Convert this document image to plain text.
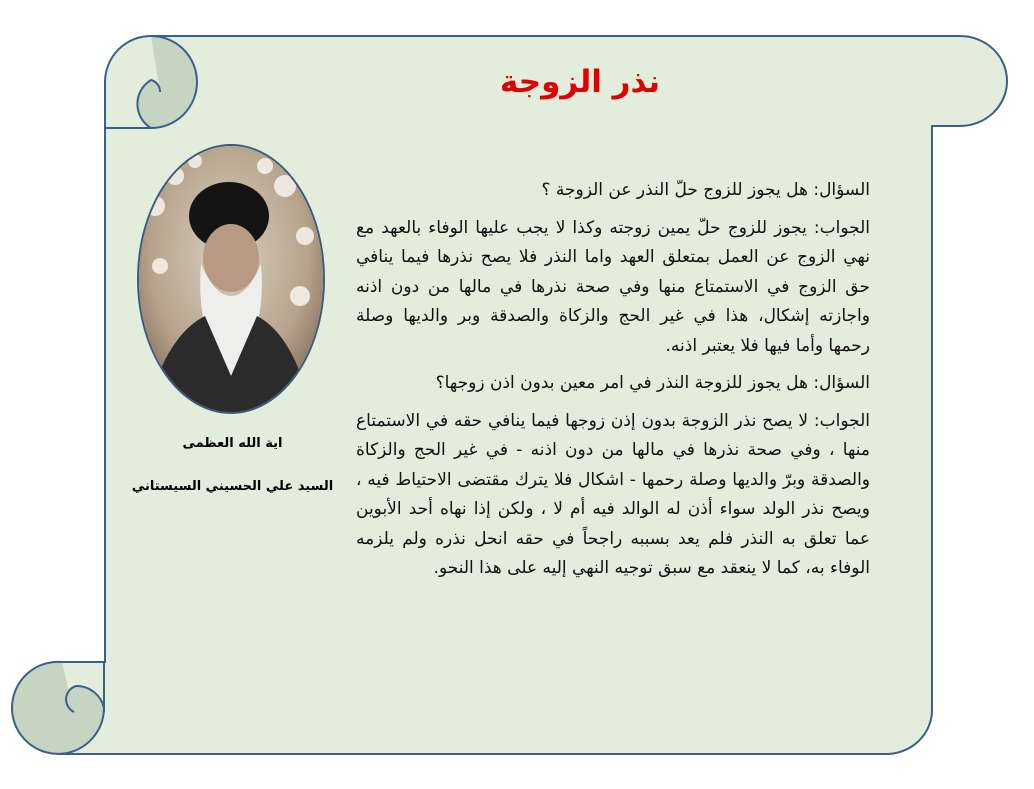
نذر الزوجة
اية الله العظمى
السيد علي الحسيني السيستاني

السؤال: هل يجوز للزوج حلّ النذر عن الزوجة ؟

الجواب: يجوز للزوج حلّ يمين زوجته وكذا لا يجب عليها الوفاء بالعهد مع نهي الزوج عن العمل بمتعلق العهد واما النذر فلا يصح نذرها فيما ينافي حق الزوج في الاستمتاع منها وفي صحة نذرها في مالها من دون اذنه واجازته إشكال، هذا في غير الحج والزكاة والصدقة وبر والديها وصلة رحمها وأما فيها فلا يعتبر اذنه.

السؤال: هل يجوز للزوجة النذر في امر معين بدون اذن زوجها؟

الجواب: لا يصح نذر الزوجة بدون إذن زوجها فيما ينافي حقه في الاستمتاع منها ، وفي صحة نذرها في مالها من دون اذنه - في غير الحج والزكاة والصدقة وبرّ والديها وصلة رحمها - اشكال فلا يترك مقتضى الاحتياط فيه ، ويصح نذر الولد سواء أذن له الوالد فيه أم لا ، ولكن إذا نهاه أحد الأبوين عما تعلق به النذر فلم يعد بسببه راجحاً في حقه انحل نذره ولم يلزمه الوفاء به، كما لا ينعقد مع سبق توجيه النهي إليه على هذا النحو.
